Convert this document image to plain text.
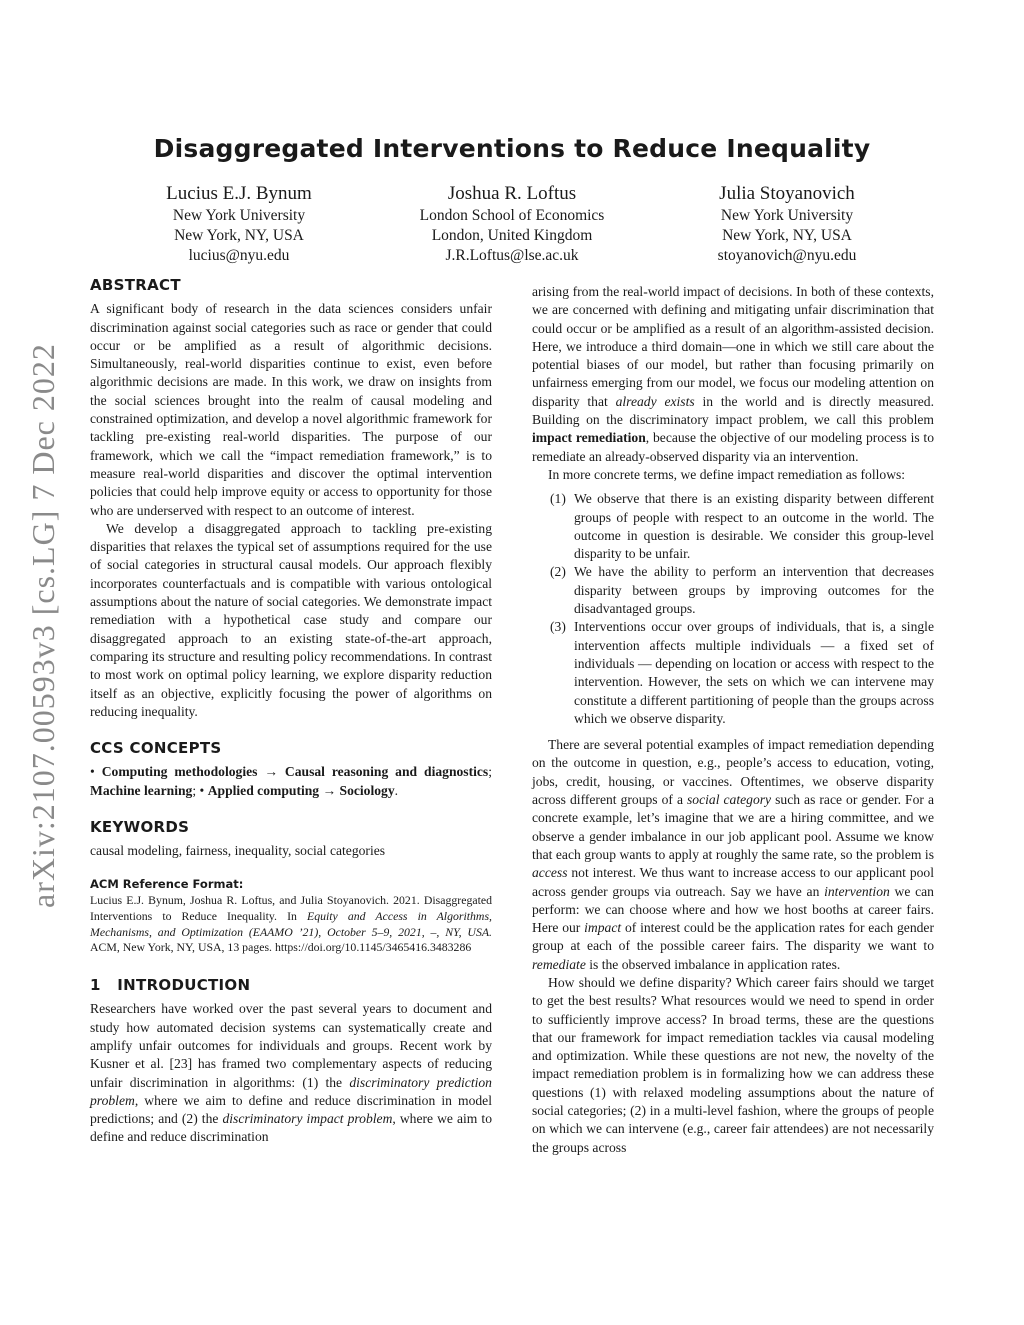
arXiv:2107.00593v3 [cs.LG] 7 Dec 2022
Disaggregated Interventions to Reduce Inequality
Lucius E.J. Bynum
New York University
New York, NY, USA
lucius@nyu.edu
Joshua R. Loftus
London School of Economics
London, United Kingdom
J.R.Loftus@lse.ac.uk
Julia Stoyanovich
New York University
New York, NY, USA
stoyanovich@nyu.edu
ABSTRACT

A significant body of research in the data sciences considers unfair discrimination against social categories such as race or gender that could occur or be amplified as a result of algorithmic decisions. Simultaneously, real-world disparities continue to exist, even before algorithmic decisions are made. In this work, we draw on insights from the social sciences brought into the realm of causal modeling and constrained optimization, and develop a novel algorithmic framework for tackling pre-existing real-world disparities. The purpose of our framework, which we call the “impact remediation framework,” is to measure real-world disparities and discover the optimal intervention policies that could help improve equity or access to opportunity for those who are underserved with respect to an outcome of interest.

We develop a disaggregated approach to tackling pre-existing disparities that relaxes the typical set of assumptions required for the use of social categories in structural causal models. Our approach flexibly incorporates counterfactuals and is compatible with various ontological assumptions about the nature of social categories. We demonstrate impact remediation with a hypothetical case study and compare our disaggregated approach to an existing state-of-the-art approach, comparing its structure and resulting policy recommendations. In contrast to most work on optimal policy learning, we explore disparity reduction itself as an objective, explicitly focusing the power of algorithms on reducing inequality.

CCS CONCEPTS

• Computing methodologies → Causal reasoning and diagnostics; Machine learning; • Applied computing → Sociology.

KEYWORDS

causal modeling, fairness, inequality, social categories

ACM Reference Format:

Lucius E.J. Bynum, Joshua R. Loftus, and Julia Stoyanovich. 2021. Disaggregated Interventions to Reduce Inequality. In Equity and Access in Algorithms, Mechanisms, and Optimization (EAAMO ’21), October 5–9, 2021, –, NY, USA. ACM, New York, NY, USA, 13 pages. https://doi.org/10.1145/3465416.3483286

1   INTRODUCTION

Researchers have worked over the past several years to document and study how automated decision systems can systematically create and amplify unfair outcomes for individuals and groups. Recent work by Kusner et al. [23] has framed two complementary aspects of reducing unfair discrimination in algorithms: (1) the discriminatory prediction problem, where we aim to define and reduce discrimination in model predictions; and (2) the discriminatory impact problem, where we aim to define and reduce discrimination

arising from the real-world impact of decisions. In both of these contexts, we are concerned with defining and mitigating unfair discrimination that could occur or be amplified as a result of an algorithm-assisted decision. Here, we introduce a third domain—one in which we still care about the potential biases of our model, but rather than focusing primarily on unfairness emerging from our model, we focus our modeling attention on disparity that already exists in the world and is directly measured. Building on the discriminatory impact problem, we call this problem impact remediation, because the objective of our modeling process is to remediate an already-observed disparity via an intervention.

In more concrete terms, we define impact remediation as follows:

(1) We observe that there is an existing disparity between different groups of people with respect to an outcome in the world. The outcome in question is desirable. We consider this group-level disparity to be unfair.
(2) We have the ability to perform an intervention that decreases disparity between groups by improving outcomes for the disadvantaged groups.
(3) Interventions occur over groups of individuals, that is, a single intervention affects multiple individuals — a fixed set of individuals — depending on location or access with respect to the intervention. However, the sets on which we can intervene may constitute a different partitioning of people than the groups across which we observe disparity.

There are several potential examples of impact remediation depending on the outcome in question, e.g., people’s access to education, voting, jobs, credit, housing, or vaccines. Oftentimes, we observe disparity across different groups of a social category such as race or gender. For a concrete example, let’s imagine that we are a hiring committee, and we observe a gender imbalance in our job applicant pool. Assume we know that each group wants to apply at roughly the same rate, so the problem is access not interest. We thus want to increase access to our applicant pool across gender groups via outreach. Say we have an intervention we can perform: we can choose where and how we host booths at career fairs. Here our impact of interest could be the application rates for each gender group at each of the possible career fairs. The disparity we want to remediate is the observed imbalance in application rates.

How should we define disparity? Which career fairs should we target to get the best results? What resources would we need to spend in order to sufficiently improve access? In broad terms, these are the questions that our framework for impact remediation tackles via causal modeling and optimization. While these questions are not new, the novelty of the impact remediation problem is in formalizing how we can address these questions (1) with relaxed modeling assumptions about the nature of social categories; (2) in a multi-level fashion, where the groups of people on which we can intervene (e.g., career fair attendees) are not necessarily the groups across
